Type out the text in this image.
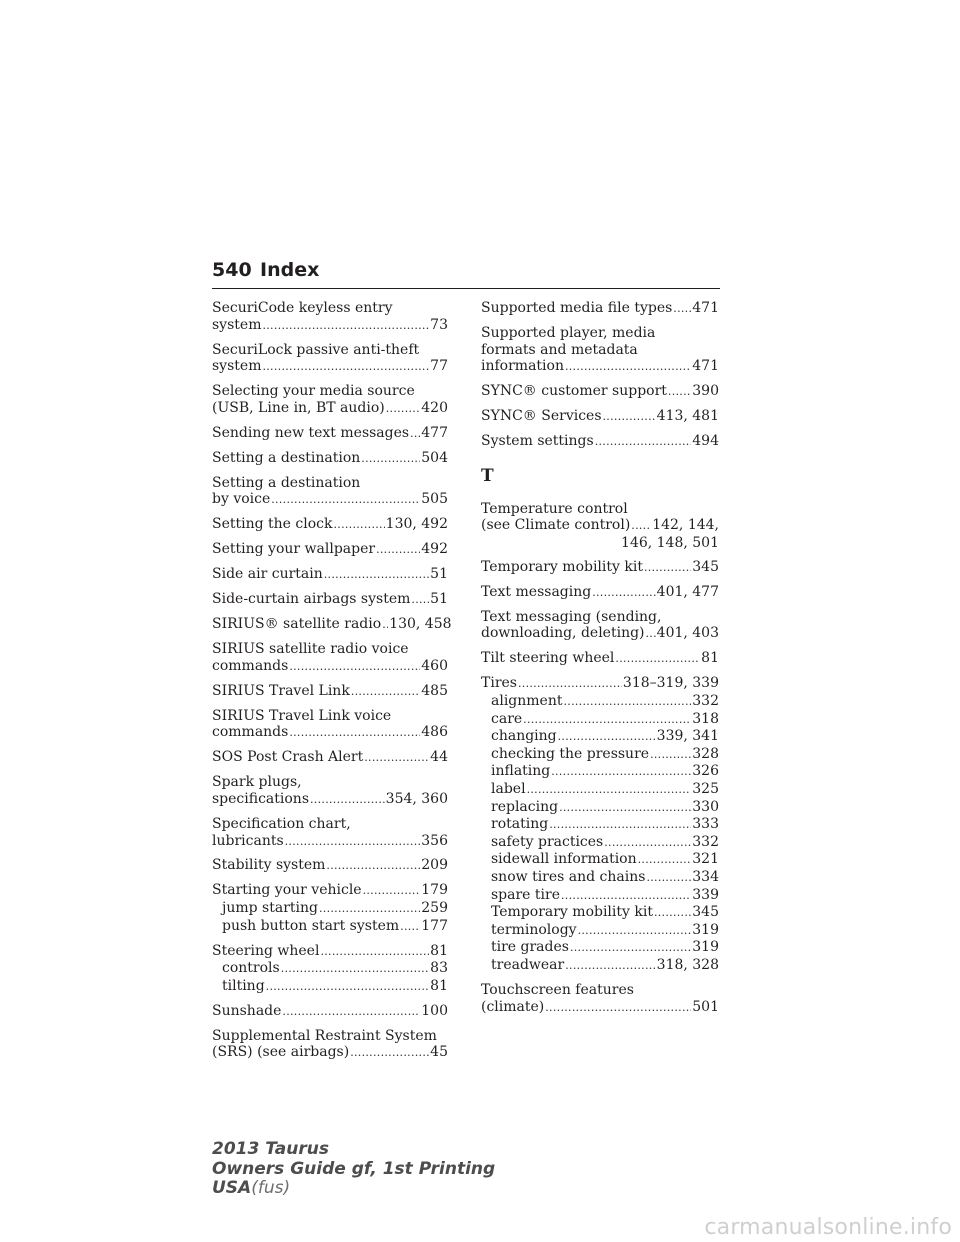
540 Index
SecuriCode keyless entry
system .....	73
SecuriLock passive anti-theft
system .....	77
Selecting your media source
(USB, Line in, BT audio) .....	420
Sending new text messages ..... 477
Setting a destination .....	504
Setting a destination
by voice .....	505
Setting the clock .....	130, 492
Setting your wallpaper .....	492
Side air curtain .....	51
Side-curtain airbags system ..... 51
SIRIUS® satellite radio ..... 130, 458
SIRIUS satellite radio voice
commands .....	460
SIRIUS Travel Link .....	485
SIRIUS Travel Link voice
commands .....	486
SOS Post Crash Alert .....	44
Spark plugs,
specifications .....	354, 360
Specification chart,
lubricants .....	356
Stability system .....	209
Starting your vehicle .....	179
jump starting .....	259
push button start system ..... 177
Steering wheel .....	81
controls .....	83
tilting .....	81
Sunshade .....	100
Supplemental Restraint System
(SRS) (see airbags) .....	45
Supported media file types ..... 471
Supported player, media
formats and metadata
information .....	471
SYNC® customer support ..... 390
SYNC® Services .....	413, 481
System settings .....	494
T
Temperature control
(see Climate control) ..... 142, 144,
146, 148, 501
Temporary mobility kit .....	345
Text messaging .....	401, 477
Text messaging (sending,
downloading, deleting) ..... 401, 403
Tilt steering wheel .....	81
Tires .....	318–319, 339
alignment .....	332
care .....	318
changing .....	339, 341
checking the pressure .....	328
inflating .....	326
label .....	325
replacing .....	330
rotating .....	333
safety practices .....	332
sidewall information .....	321
snow tires and chains .....	334
spare tire .....	339
Temporary mobility kit .....	345
terminology .....	319
tire grades .....	319
treadwear .....	318, 328
Touchscreen features
(climate) .....	501
2013 Taurus
Owners Guide gf, 1st Printing
USA(fus)
carmanualsonline.info
